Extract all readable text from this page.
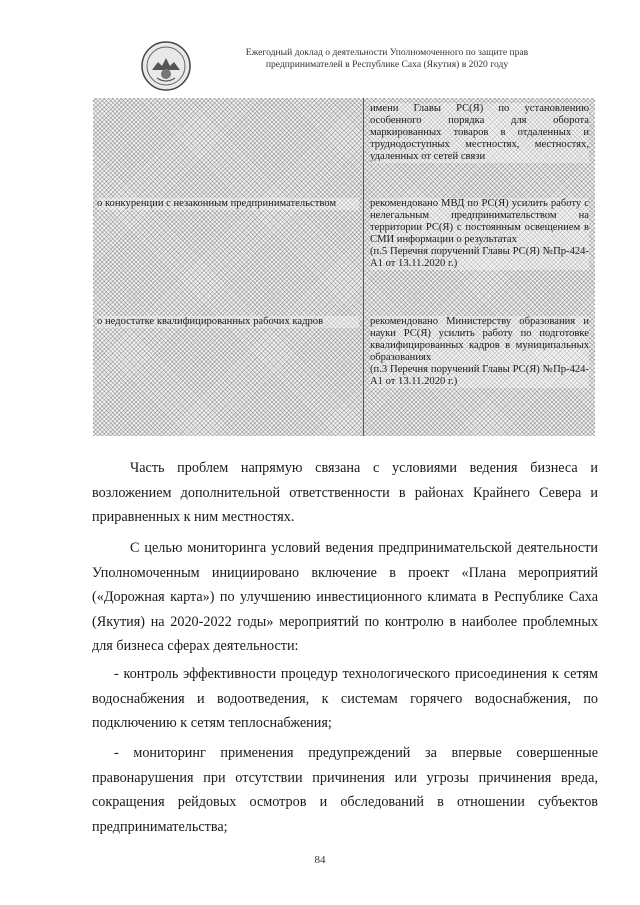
Ежегодный доклад о деятельности Уполномоченного по защите прав
предпринимателей в Республике Саха (Якутия) в 2020 году
имени Главы РС(Я) по установлению особенного порядка для оборота маркированных товаров в отдаленных и труднодоступных местностях, местностях, удаленных от сетей связи
о конкуренции с незаконным предпринимательством	рекомендовано МВД по РС(Я) усилить работу с нелегальным предпринимательством на территории РС(Я) с постоянным освещением в СМИ информации о результатах
(п.5 Перечня поручений Главы РС(Я) №Пр-424-А1 от 13.11.2020 г.)
о недостатке квалифицированных рабочих кадров	рекомендовано Министерству образования и науки РС(Я) усилить работу по подготовке квалифицированных кадров в муниципальных образованиях
(п.3 Перечня поручений Главы РС(Я) №Пр-424-А1 от 13.11.2020 г.)
Часть проблем напрямую связана с условиями ведения бизнеса и возложением дополнительной ответственности в районах Крайнего Севера и приравненных к ним местностях.
С целью мониторинга условий ведения предпринимательской деятельности Уполномоченным инициировано включение в проект «Плана мероприятий («Дорожная карта») по улучшению инвестиционного климата в Республике Саха (Якутия) на 2020-2022 годы» мероприятий по контролю в наиболее проблемных для бизнеса сферах деятельности:
- контроль эффективности процедур технологического присоединения к сетям водоснабжения и водоотведения, к системам горячего водоснабжения, по подключению к сетям теплоснабжения;
- мониторинг применения предупреждений за впервые совершенные правонарушения при отсутствии причинения или угрозы причинения вреда, сокращения рейдовых осмотров и обследований в отношении субъектов предпринимательства;
84
